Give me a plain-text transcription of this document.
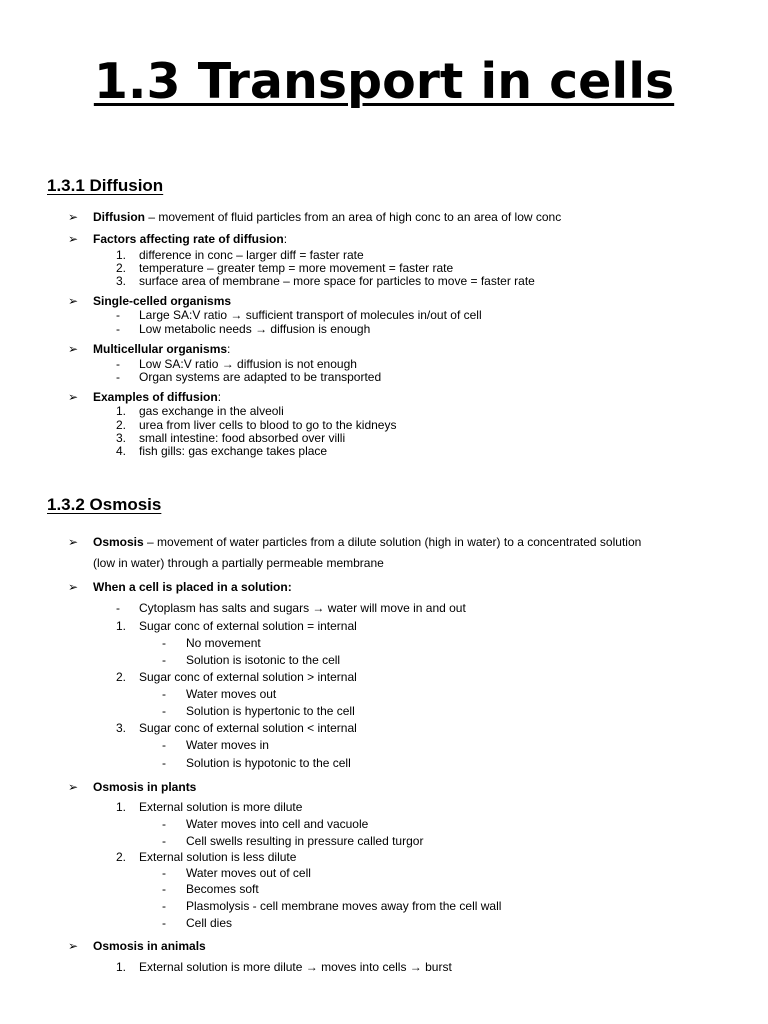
1.3 Transport in cells
1.3.1 Diffusion
➢ Diffusion – movement of fluid particles from an area of high conc to an area of low conc
➢ Factors affecting rate of diffusion:
1. difference in conc – larger diff = faster rate
2. temperature – greater temp = more movement = faster rate
3. surface area of membrane – more space for particles to move = faster rate
➢ Single-celled organisms
- Large SA:V ratio → sufficient transport of molecules in/out of cell
- Low metabolic needs → diffusion is enough
➢ Multicellular organisms:
- Low SA:V ratio → diffusion is not enough
- Organ systems are adapted to be transported
➢ Examples of diffusion:
1. gas exchange in the alveoli
2. urea from liver cells to blood to go to the kidneys
3. small intestine: food absorbed over villi
4. fish gills: gas exchange takes place
1.3.2 Osmosis
➢ Osmosis – movement of water particles from a dilute solution (high in water) to a concentrated solution
(low in water) through a partially permeable membrane
➢ When a cell is placed in a solution:
- Cytoplasm has salts and sugars → water will move in and out
1. Sugar conc of external solution = internal
- No movement
- Solution is isotonic to the cell
2. Sugar conc of external solution > internal
- Water moves out
- Solution is hypertonic to the cell
3. Sugar conc of external solution < internal
- Water moves in
- Solution is hypotonic to the cell
➢ Osmosis in plants
1. External solution is more dilute
- Water moves into cell and vacuole
- Cell swells resulting in pressure called turgor
2. External solution is less dilute
- Water moves out of cell
- Becomes soft
- Plasmolysis - cell membrane moves away from the cell wall
- Cell dies
➢ Osmosis in animals
1. External solution is more dilute → moves into cells → burst
